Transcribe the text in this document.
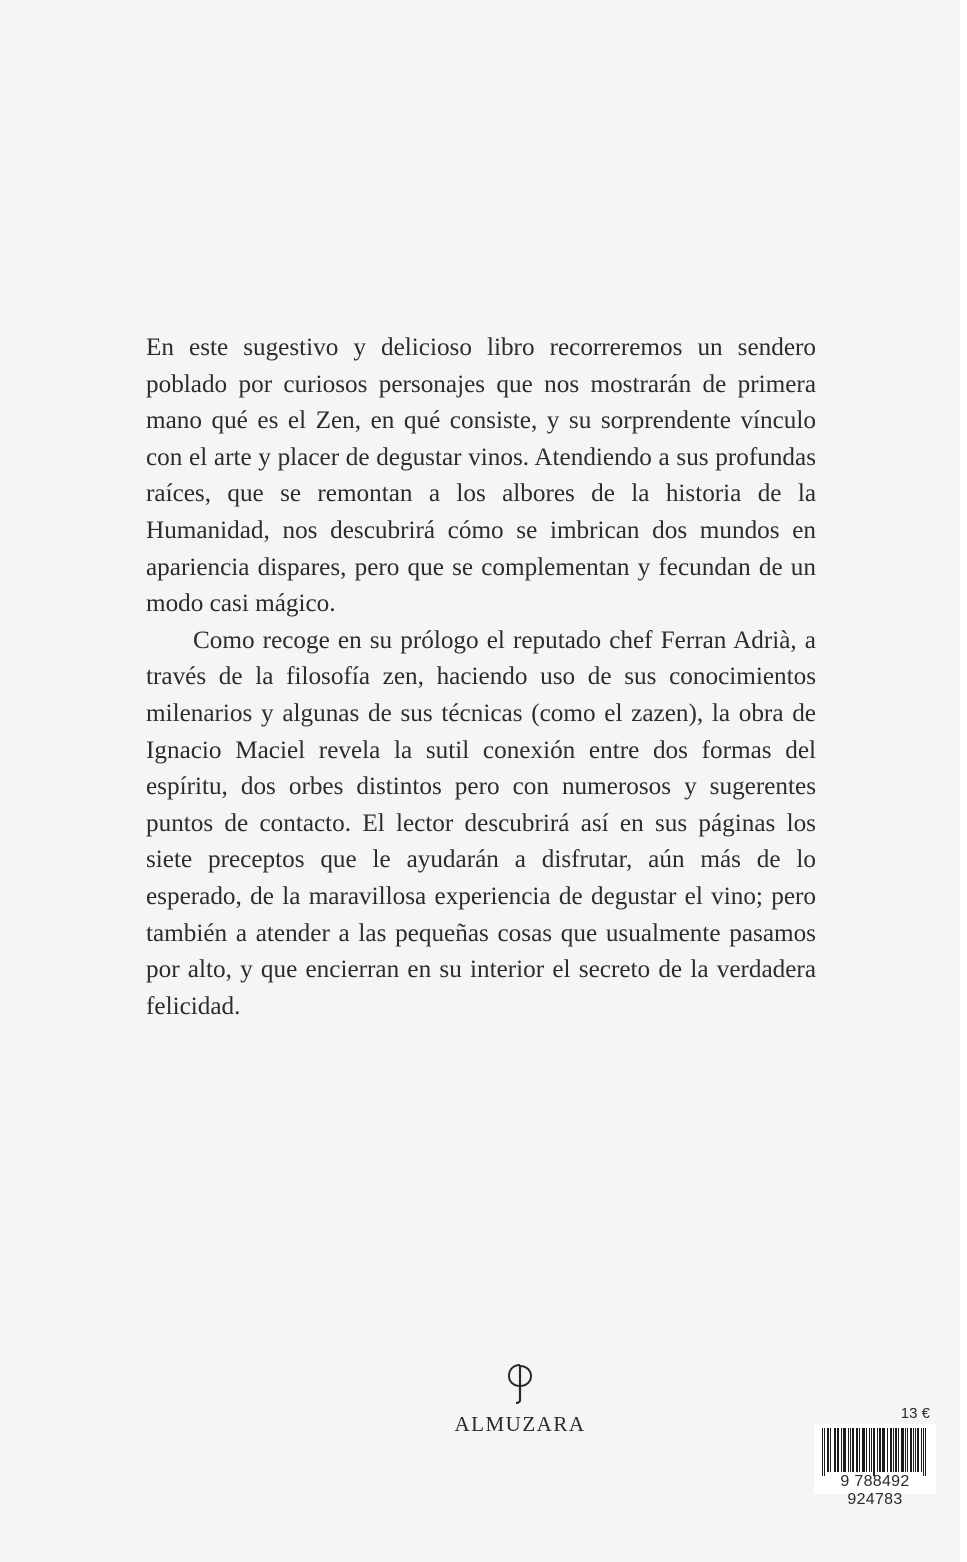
En este sugestivo y delicioso libro recorreremos un sendero poblado por curiosos personajes que nos mostrarán de primera mano qué es el Zen, en qué consiste, y su sorprendente vínculo con el arte y placer de degustar vinos. Atendiendo a sus profundas raíces, que se remontan a los albores de la historia de la Humanidad, nos descubrirá cómo se imbrican dos mundos en apariencia dispares, pero que se complementan y fecundan de un modo casi mágico.

Como recoge en su prólogo el reputado chef Ferran Adrià, a través de la filosofía zen, haciendo uso de sus conocimientos milenarios y algunas de sus técnicas (como el zazen), la obra de Ignacio Maciel revela la sutil conexión entre dos formas del espíritu, dos orbes distintos pero con numerosos y sugerentes puntos de contacto. El lector descubrirá así en sus páginas los siete preceptos que le ayudarán a disfrutar, aún más de lo esperado, de la maravillosa experiencia de degustar el vino; pero también a atender a las pequeñas cosas que usualmente pasamos por alto, y que encierran en su interior el secreto de la verdadera felicidad.

ALMUZARA	13 €
9 788492 924783
